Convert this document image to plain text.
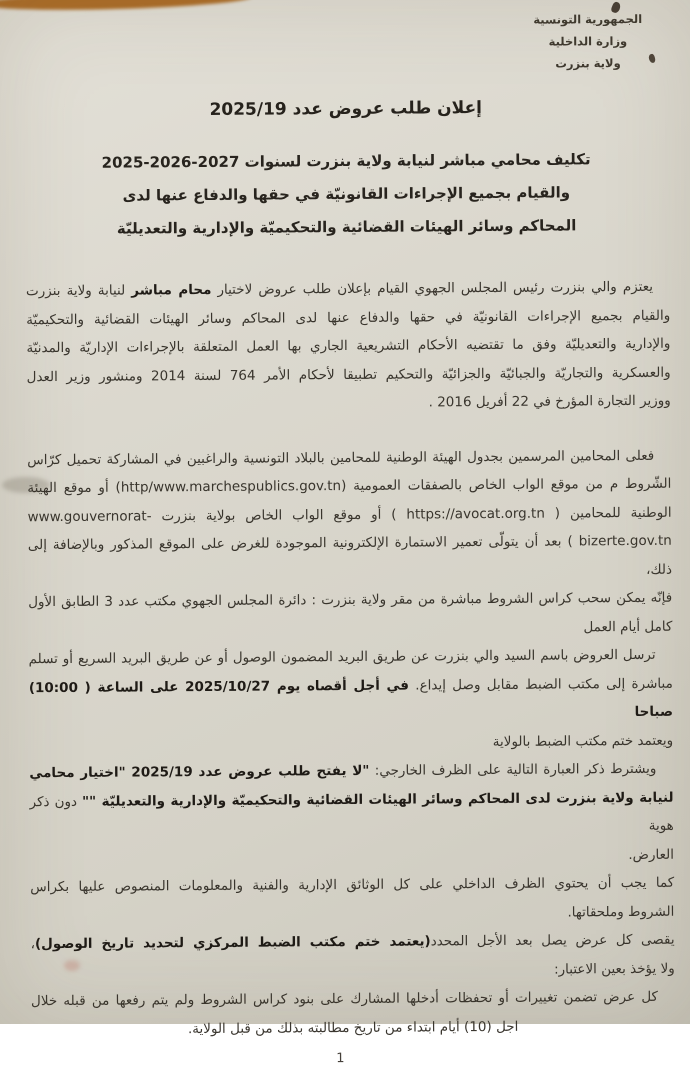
الجمهورية التونسية
وزارة الداخلية
ولاية بنزرت
إعلان طلب عروض عدد 2025/19
تكليف محامي مباشر لنيابة ولاية بنزرت لسنوات 2027-2026-2025
والقيام بجميع الإجراءات القانونيّة في حقها والدفاع عنها لدى
المحاكم وسائر الهيئات القضائية والتحكيميّة والإدارية والتعديليّة
يعتزم والي بنزرت رئيس المجلس الجهوي القيام بإعلان طلب عروض لاختيار محام مباشر لنيابة ولاية بنزرت
والقيام بجميع الإجراءات القانونيّة في حقها والدفاع عنها لدى المحاكم وسائر الهيئات القضائية والتحكيميّة
والإدارية والتعديليّة وفق ما تقتضيه الأحكام التشريعية الجاري بها العمل المتعلقة بالإجراءات الإداريّة والمدنيّة
والعسكرية والتجاريّة والجبائيّة والجزائيّة والتحكيم تطبيقا لأحكام الأمر 764 لسنة 2014 ومنشور وزير العدل
ووزير التجارة المؤرخ في 22 أفريل 2016 .
فعلى المحامين المرسمين بجدول الهيئة الوطنية للمحامين بالبلاد التونسية والراغبين في المشاركة تحميل كرّاس
الشّروط م من موقع الواب الخاص بالصفقات العمومية (http/www.marchespublics.gov.tn) أو موقع الهيئة
الوطنية للمحامين ( https://avocat.org.tn ) أو موقع الواب الخاص بولاية بنزرت -www.gouvernorat
bizerte.gov.tn ) بعد أن يتولّى تعمير الاستمارة الإلكترونية الموجودة للغرض على الموقع المذكور وبالإضافة إلى ذلك،
فإنّه يمكن سحب كراس الشروط مباشرة من مقر ولاية بنزرت : دائرة المجلس الجهوي مكتب عدد 3 الطابق الأول
كامل أيام العمل
ترسل العروض باسم السيد والي بنزرت عن طريق البريد المضمون الوصول أو عن طريق البريد السريع أو تسلم
مباشرة إلى مكتب الضبط مقابل وصل إيداع. في أجل أقصاه يوم 2025/10/27 على الساعة ( 10:00) صباحا
ويعتمد ختم مكتب الضبط بالولاية
ويشترط ذكر العبارة التالية على الظرف الخارجي: "لا يفتح طلب عروض عدد 2025/19 "اختيار محامي
لنيابة ولاية بنزرت لدى المحاكم وسائر الهيئات القضائية والتحكيميّة والإدارية والتعديليّة "" دون ذكر هوية
العارض.
كما يجب أن يحتوي الظرف الداخلي على كل الوثائق الإدارية والفنية والمعلومات المنصوص عليها بكراس
الشروط وملحقاتها.
يقصى كل عرض يصل بعد الأجل المحدد(يعتمد ختم مكتب الضبط المركزي لتحديد تاريخ الوصول)،
ولا يؤخذ بعين الاعتبار:
كل عرض تضمن تغييرات أو تحفظات أدخلها المشارك على بنود كراس الشروط ولم يتم رفعها من قبله خلال
اجل (10) أيام ابتداء من تاريخ مطالبته بذلك من قبل الولاية.
1
